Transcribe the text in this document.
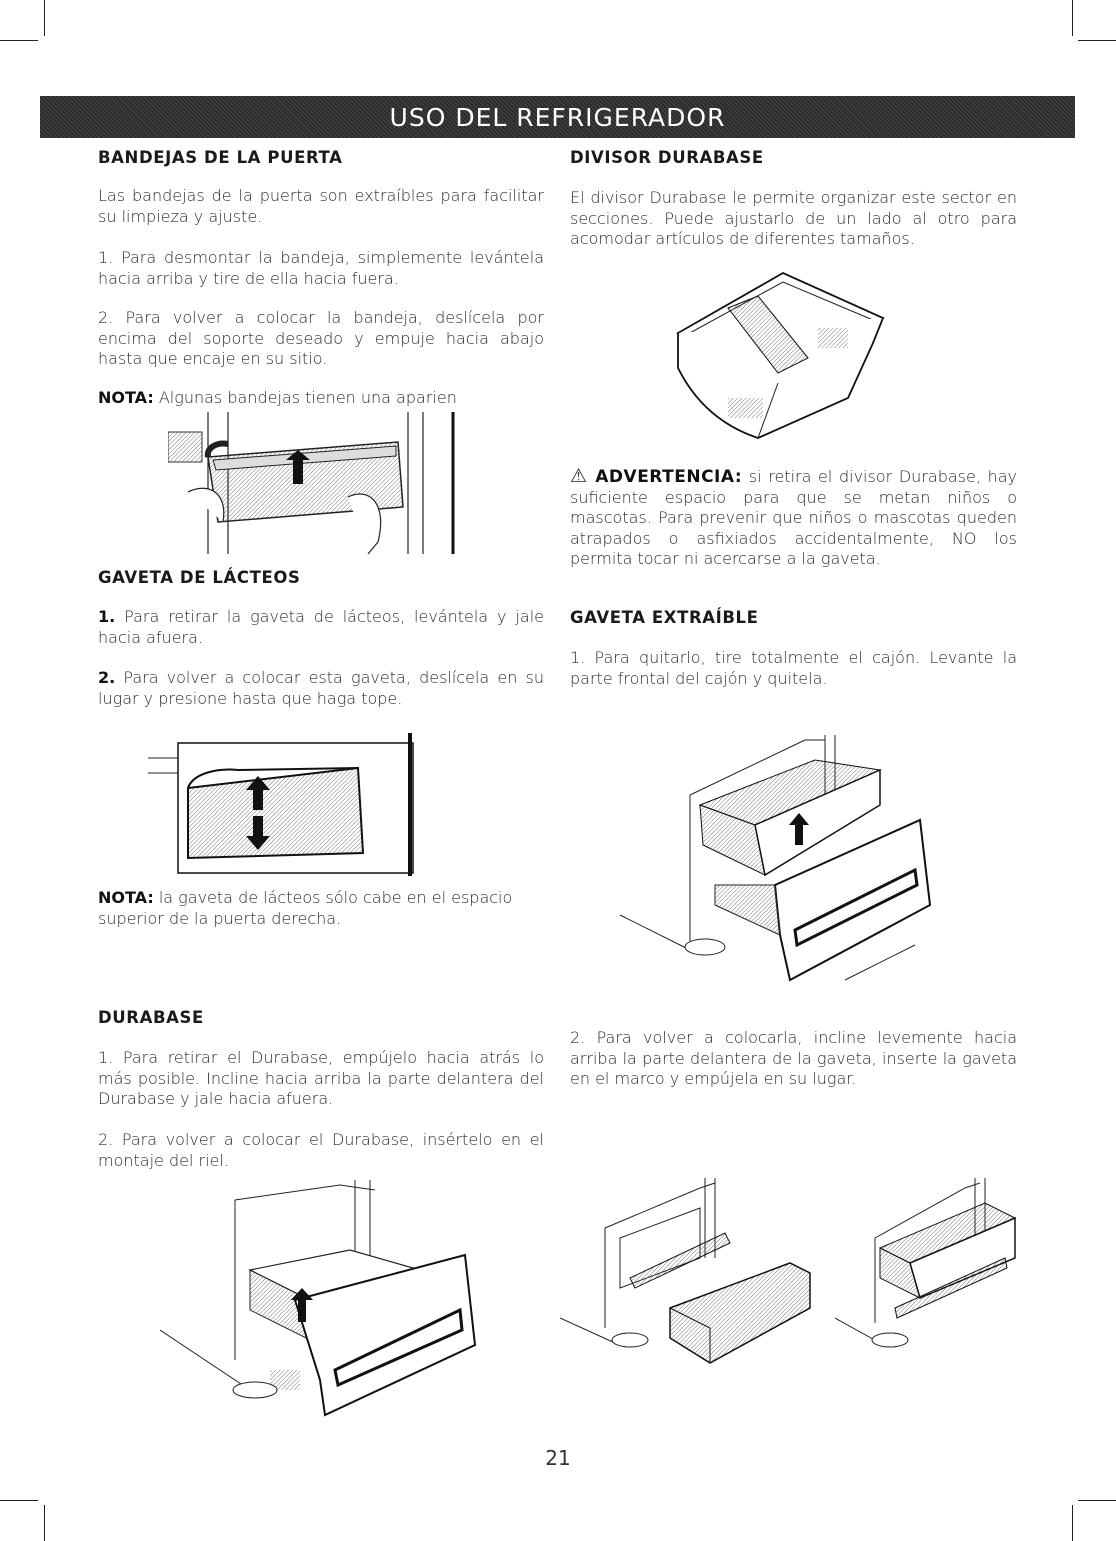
USO DEL REFRIGERADOR
BANDEJAS DE LA PUERTA

Las bandejas de la puerta son extraíbles para facilitar su limpieza y ajuste.

1. Para desmontar la bandeja, simplemente levántela hacia arriba y tire de ella hacia fuera.

2. Para volver a colocar la bandeja, deslícela por encima del soporte deseado y empuje hacia abajo hasta que encaje en su sitio.

NOTA: Algunas bandejas tienen una aparien

GAVETA DE LÁCTEOS

1. Para retirar la gaveta de lácteos, levántela y jale hacia afuera.

2. Para volver a colocar esta gaveta, deslícela en su lugar y presione hasta que haga tope.

NOTA: la gaveta de lácteos sólo cabe en el espacio superior de la puerta derecha.

DURABASE

1. Para retirar el Durabase, empújelo hacia atrás lo más posible. Incline hacia arriba la parte delantera del Durabase y jale hacia afuera.

2. Para volver a colocar el Durabase, insértelo en el montaje del riel.

DIVISOR DURABASE

El divisor Durabase le permite organizar este sector en secciones. Puede ajustarlo de un lado al otro para acomodar artículos de diferentes tamaños.

⚠ ADVERTENCIA: si retira el divisor Durabase, hay suficiente espacio para que se metan niños o mascotas. Para prevenir que niños o mascotas queden atrapados o asfixiados accidentalmente, NO los permita tocar ni acercarse a la gaveta.

GAVETA EXTRAÍBLE

1. Para quitarlo, tire totalmente el cajón. Levante la parte frontal del cajón y quitela.

2. Para volver a colocarla, incline levemente hacia arriba la parte delantera de la gaveta, inserte la gaveta en el marco y empújela en su lugar.

21
